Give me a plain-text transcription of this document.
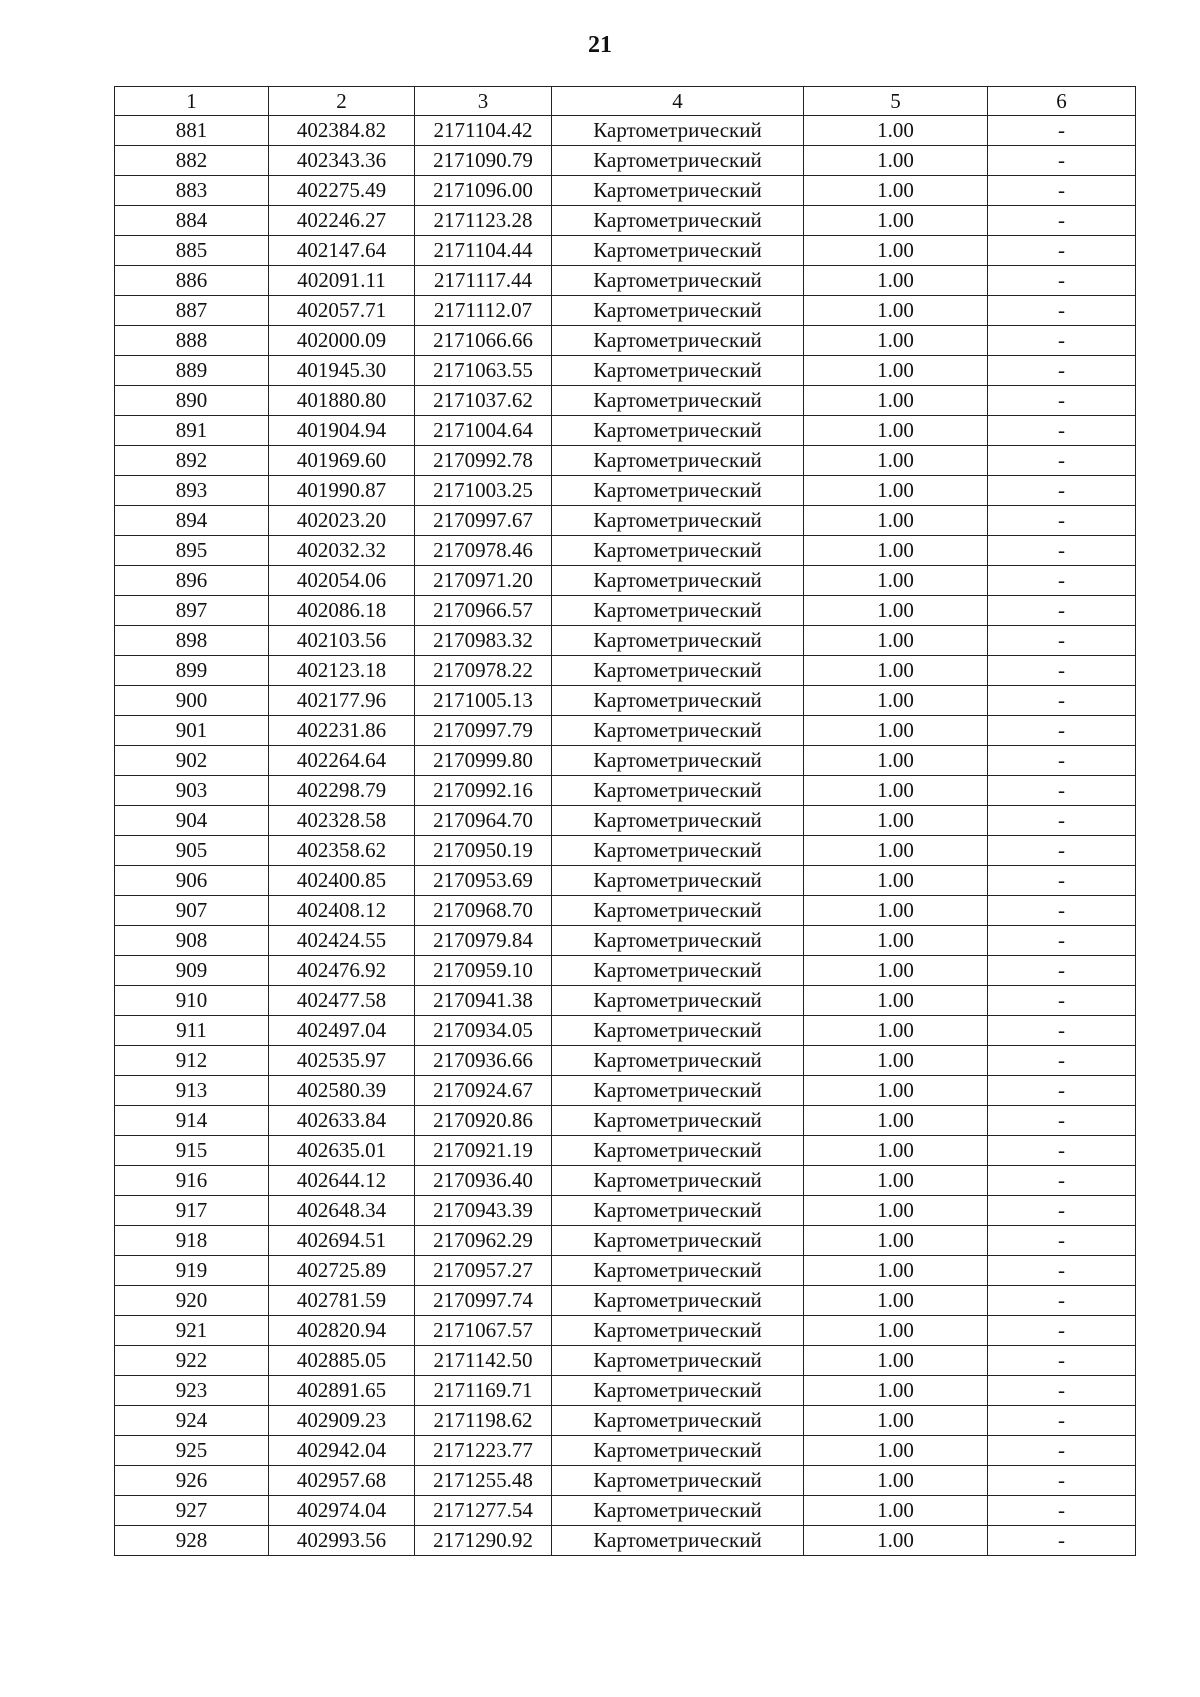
21
1	2	3	4	5	6
881	402384.82	2171104.42	Картометрический	1.00	-
882	402343.36	2171090.79	Картометрический	1.00	-
883	402275.49	2171096.00	Картометрический	1.00	-
884	402246.27	2171123.28	Картометрический	1.00	-
885	402147.64	2171104.44	Картометрический	1.00	-
886	402091.11	2171117.44	Картометрический	1.00	-
887	402057.71	2171112.07	Картометрический	1.00	-
888	402000.09	2171066.66	Картометрический	1.00	-
889	401945.30	2171063.55	Картометрический	1.00	-
890	401880.80	2171037.62	Картометрический	1.00	-
891	401904.94	2171004.64	Картометрический	1.00	-
892	401969.60	2170992.78	Картометрический	1.00	-
893	401990.87	2171003.25	Картометрический	1.00	-
894	402023.20	2170997.67	Картометрический	1.00	-
895	402032.32	2170978.46	Картометрический	1.00	-
896	402054.06	2170971.20	Картометрический	1.00	-
897	402086.18	2170966.57	Картометрический	1.00	-
898	402103.56	2170983.32	Картометрический	1.00	-
899	402123.18	2170978.22	Картометрический	1.00	-
900	402177.96	2171005.13	Картометрический	1.00	-
901	402231.86	2170997.79	Картометрический	1.00	-
902	402264.64	2170999.80	Картометрический	1.00	-
903	402298.79	2170992.16	Картометрический	1.00	-
904	402328.58	2170964.70	Картометрический	1.00	-
905	402358.62	2170950.19	Картометрический	1.00	-
906	402400.85	2170953.69	Картометрический	1.00	-
907	402408.12	2170968.70	Картометрический	1.00	-
908	402424.55	2170979.84	Картометрический	1.00	-
909	402476.92	2170959.10	Картометрический	1.00	-
910	402477.58	2170941.38	Картометрический	1.00	-
911	402497.04	2170934.05	Картометрический	1.00	-
912	402535.97	2170936.66	Картометрический	1.00	-
913	402580.39	2170924.67	Картометрический	1.00	-
914	402633.84	2170920.86	Картометрический	1.00	-
915	402635.01	2170921.19	Картометрический	1.00	-
916	402644.12	2170936.40	Картометрический	1.00	-
917	402648.34	2170943.39	Картометрический	1.00	-
918	402694.51	2170962.29	Картометрический	1.00	-
919	402725.89	2170957.27	Картометрический	1.00	-
920	402781.59	2170997.74	Картометрический	1.00	-
921	402820.94	2171067.57	Картометрический	1.00	-
922	402885.05	2171142.50	Картометрический	1.00	-
923	402891.65	2171169.71	Картометрический	1.00	-
924	402909.23	2171198.62	Картометрический	1.00	-
925	402942.04	2171223.77	Картометрический	1.00	-
926	402957.68	2171255.48	Картометрический	1.00	-
927	402974.04	2171277.54	Картометрический	1.00	-
928	402993.56	2171290.92	Картометрический	1.00	-
